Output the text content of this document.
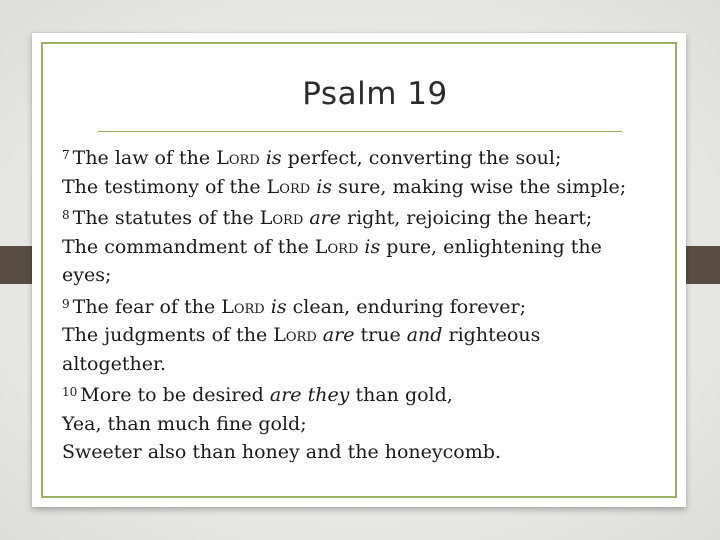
Psalm 19
$^7$ The law of the Lord is perfect, converting the soul;
The testimony of the Lord is sure, making wise the simple;
$^8$ The statutes of the Lord are right, rejoicing the heart;
The commandment of the Lord is pure, enlightening the
eyes;
$^9$ The fear of the Lord is clean, enduring forever;
The judgments of the Lord are true and righteous
altogether.
$^{10}$ More to be desired are they than gold,
Yea, than much fine gold;
Sweeter also than honey and the honeycomb.
